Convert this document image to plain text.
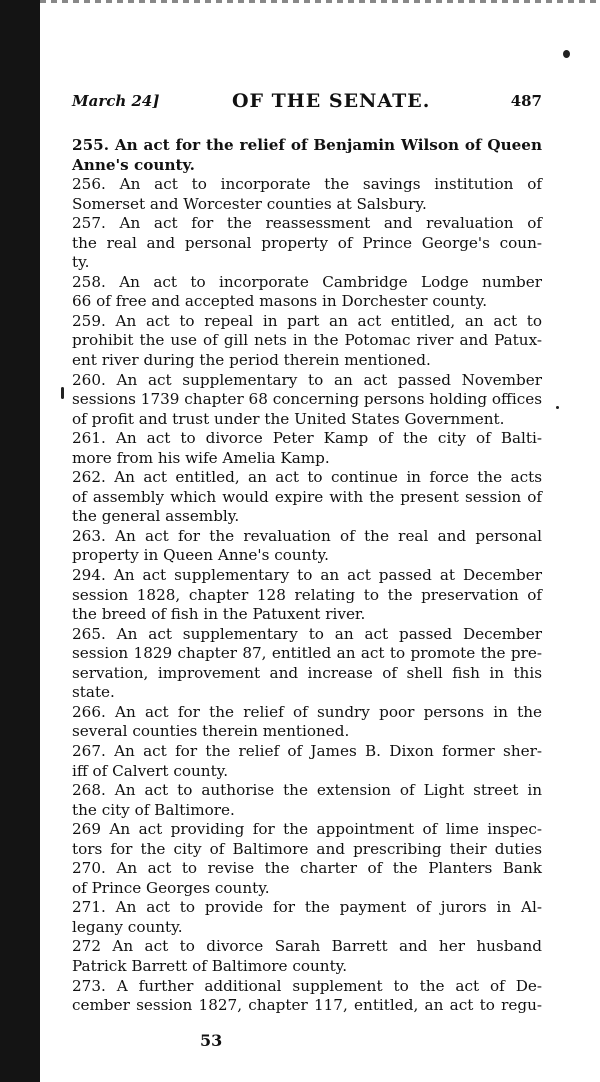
March 24]	OF THE SENATE.	487
255. An act for the relief of Benjamin Wilson of Queen
Anne's county.
256. An act to incorporate the savings institution of
Somerset and Worcester counties at Salsbury.
257. An act for the reassessment and revaluation of
the real and personal property of Prince George's coun-
ty.
258. An act to incorporate Cambridge Lodge number
66 of free and accepted masons in Dorchester county.
259. An act to repeal in part an act entitled, an act to
prohibit the use of gill nets in the Potomac river and Patux-
ent river during the period therein mentioned.
260. An act supplementary to an act passed November
sessions 1739 chapter 68 concerning persons holding offices
of profit and trust under the United States Government.
261. An act to divorce Peter Kamp of the city of Balti-
more from his wife Amelia Kamp.
262. An act entitled, an act to continue in force the acts
of assembly which would expire with the present session of
the general assembly.
263. An act for the revaluation of the real and personal
property in Queen Anne's county.
294. An act supplementary to an act passed at December
session 1828, chapter 128 relating to the preservation of
the breed of fish in the Patuxent river.
265. An act supplementary to an act passed December
session 1829 chapter 87, entitled an act to promote the pre-
servation, improvement and increase of shell fish in this
state.
266. An act for the relief of sundry poor persons in the
several counties therein mentioned.
267. An act for the relief of James B. Dixon former sher-
iff of Calvert county.
268. An act to authorise the extension of Light street in
the city of Baltimore.
269 An act providing for the appointment of lime inspec-
tors for the city of Baltimore and prescribing their duties
270. An act to revise the charter of the Planters Bank
of Prince Georges county.
271. An act to provide for the payment of jurors in Al-
legany county.
272 An act to divorce Sarah Barrett and her husband
Patrick Barrett of Baltimore county.
273. A further additional supplement to the act of De-
cember session 1827, chapter 117, entitled, an act to regu-
53
